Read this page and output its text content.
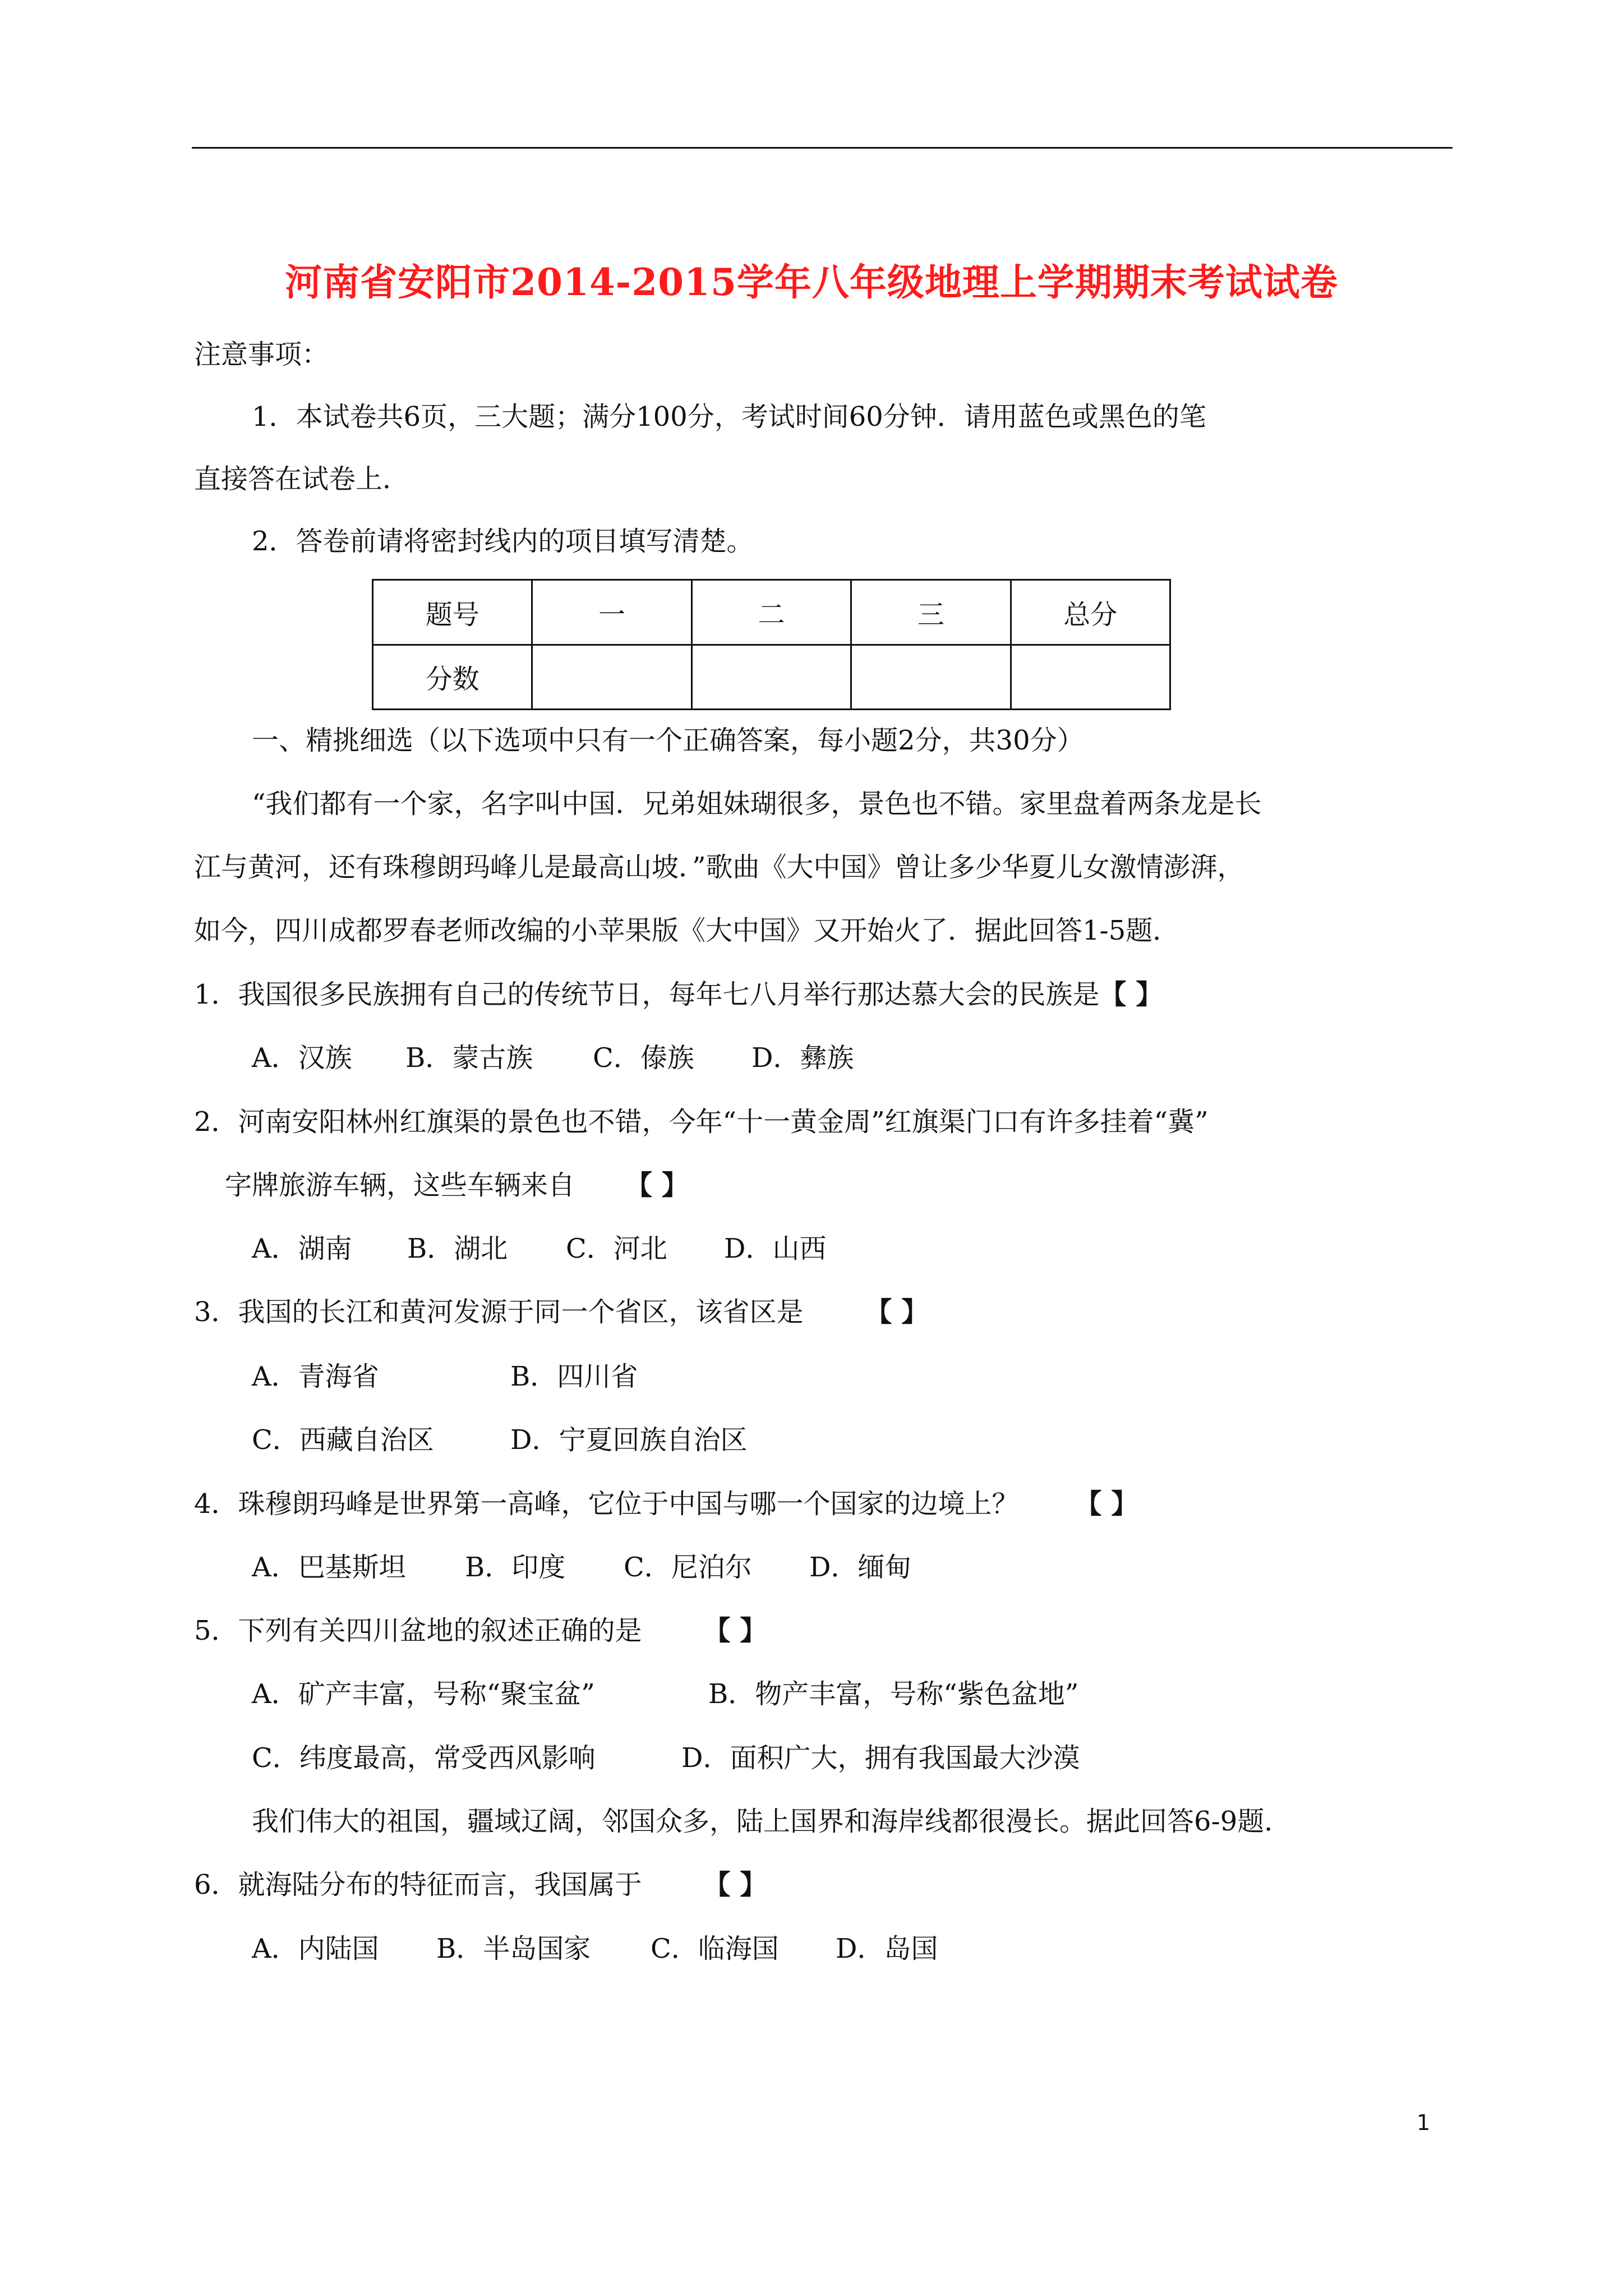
河南省安阳市2014-2015学年八年级地理上学期期末考试试卷
注意事项：
1．本试卷共6页，三大题；满分100分，考试时间60分钟．请用蓝色或黑色的笔
直接答在试卷上．
2．答卷前请将密封线内的项目填写清楚。
题号	一	二	三	总分
分数				
一、精挑细选（以下选项中只有一个正确答案，每小题2分，共30分）
“我们都有一个家，名字叫中国．兄弟姐妹瑚很多，景色也不错。家里盘着两条龙是长
江与黄河，还有珠穆朗玛峰儿是最高山坡．”歌曲《大中国》曾让多少华夏儿女激情澎湃，
如今，四川成都罗春老师改编的小苹果版《大中国》又开始火了．据此回答1-5题．
1．我国很多民族拥有自己的传统节日，每年七八月举行那达慕大会的民族是【 】
A．汉族 B．蒙古族 C．傣族 D．彝族
2．河南安阳林州红旗渠的景色也不错，今年“十一黄金周”红旗渠门口有许多挂着“冀”
字牌旅游车辆，这些车辆来自 【 】
A．湖南 B．湖北 C．河北 D．山西
3．我国的长江和黄河发源于同一个省区，该省区是 【 】
A．青海省	B．四川省
C．西藏自治区	D．宁夏回族自治区
4．珠穆朗玛峰是世界第一高峰，它位于中国与哪一个国家的边境上？ 【 】
A．巴基斯坦 B．印度 C．尼泊尔 D．缅甸
5．下列有关四川盆地的叙述正确的是 【 】
A．矿产丰富，号称“聚宝盆”	B．物产丰富，号称“紫色盆地”
C．纬度最高，常受西风影响	D．面积广大，拥有我国最大沙漠
我们伟大的祖国，疆域辽阔，邻国众多，陆上国界和海岸线都很漫长。据此回答6-9题．
6．就海陆分布的特征而言，我国属于 【 】
A．内陆国 B．半岛国家 C．临海国 D．岛国
1
